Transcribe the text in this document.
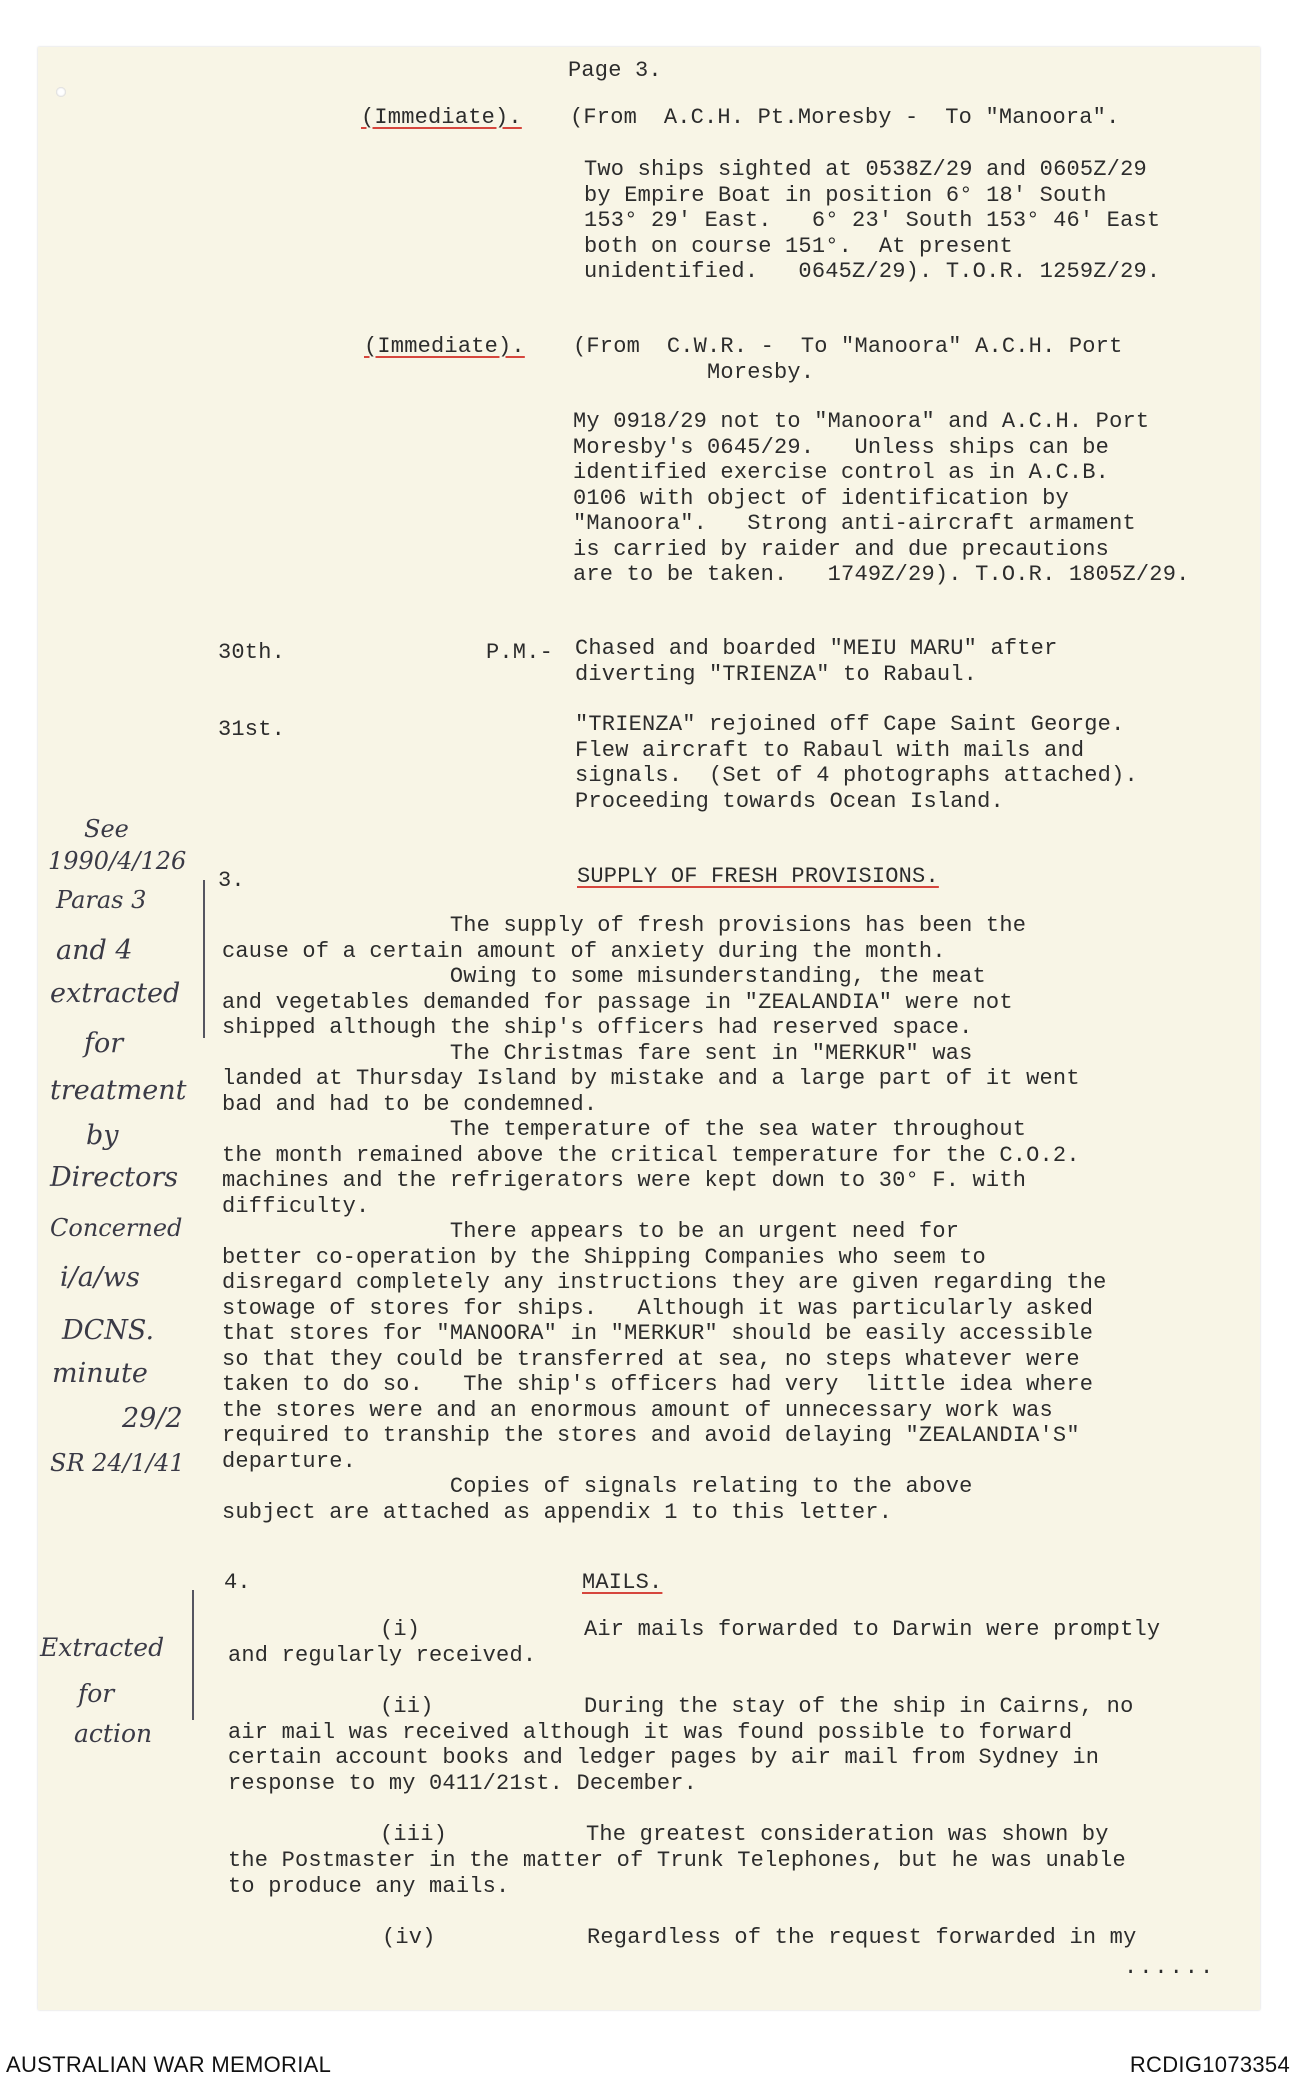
Page 3.
(Immediate). (From  A.C.H. Pt.Moresby -  To "Manoora".
Two ships sighted at 0538Z/29 and 0605Z/29
by Empire Boat in position 6° 18' South
153° 29' East.   6° 23' South 153° 46' East
both on course 151°.  At present
unidentified.   0645Z/29). T.O.R. 1259Z/29.
(Immediate). (From  C.W.R. -  To "Manoora" A.C.H. Port
Moresby.
My 0918/29 not to "Manoora" and A.C.H. Port
Moresby's 0645/29.   Unless ships can be
identified exercise control as in A.C.B.
0106 with object of identification by
"Manoora".   Strong anti-aircraft armament
is carried by raider and due precautions
are to be taken.   1749Z/29). T.O.R. 1805Z/29.
30th.	P.M.- Chased and boarded "MEIU MARU" after
diverting "TRIENZA" to Rabaul.
31st.	"TRIENZA" rejoined off Cape Saint George.
Flew aircraft to Rabaul with mails and
signals.  (Set of 4 photographs attached).
Proceeding towards Ocean Island.
3.	SUPPLY OF FRESH PROVISIONS.
The supply of fresh provisions has been the
cause of a certain amount of anxiety during the month.
Owing to some misunderstanding, the meat
and vegetables demanded for passage in "ZEALANDIA" were not
shipped although the ship's officers had reserved space.
The Christmas fare sent in "MERKUR" was
landed at Thursday Island by mistake and a large part of it went
bad and had to be condemned.
The temperature of the sea water throughout
the month remained above the critical temperature for the C.O.2.
machines and the refrigerators were kept down to 30° F. with
difficulty.
There appears to be an urgent need for
better co-operation by the Shipping Companies who seem to
disregard completely any instructions they are given regarding the
stowage of stores for ships.   Although it was particularly asked
that stores for "MANOORA" in "MERKUR" should be easily accessible
so that they could be transferred at sea, no steps whatever were
taken to do so.   The ship's officers had very  little idea where
the stores were and an enormous amount of unnecessary work was
required to tranship the stores and avoid delaying "ZEALANDIA'S"
departure.
Copies of signals relating to the above
subject are attached as appendix 1 to this letter.
4.	MAILS.
(i)	Air mails forwarded to Darwin were promptly
and regularly received.
(ii)	During the stay of the ship in Cairns, no
air mail was received although it was found possible to forward
certain account books and ledger pages by air mail from Sydney in
response to my 0411/21st. December.
(iii)	The greatest consideration was shown by
the Postmaster in the matter of Trunk Telephones, but he was unable
to produce any mails.
(iv)	Regardless of the request forwarded in my
......
See
1990/4/126
Paras 3
and 4
extracted
for
treatment
by
Directors
Concerned
i/a/ws
DCNS.
minute
29/2
SR 24/1/41
Extracted
for
action
AUSTRALIAN WAR MEMORIAL	RCDIG1073354
